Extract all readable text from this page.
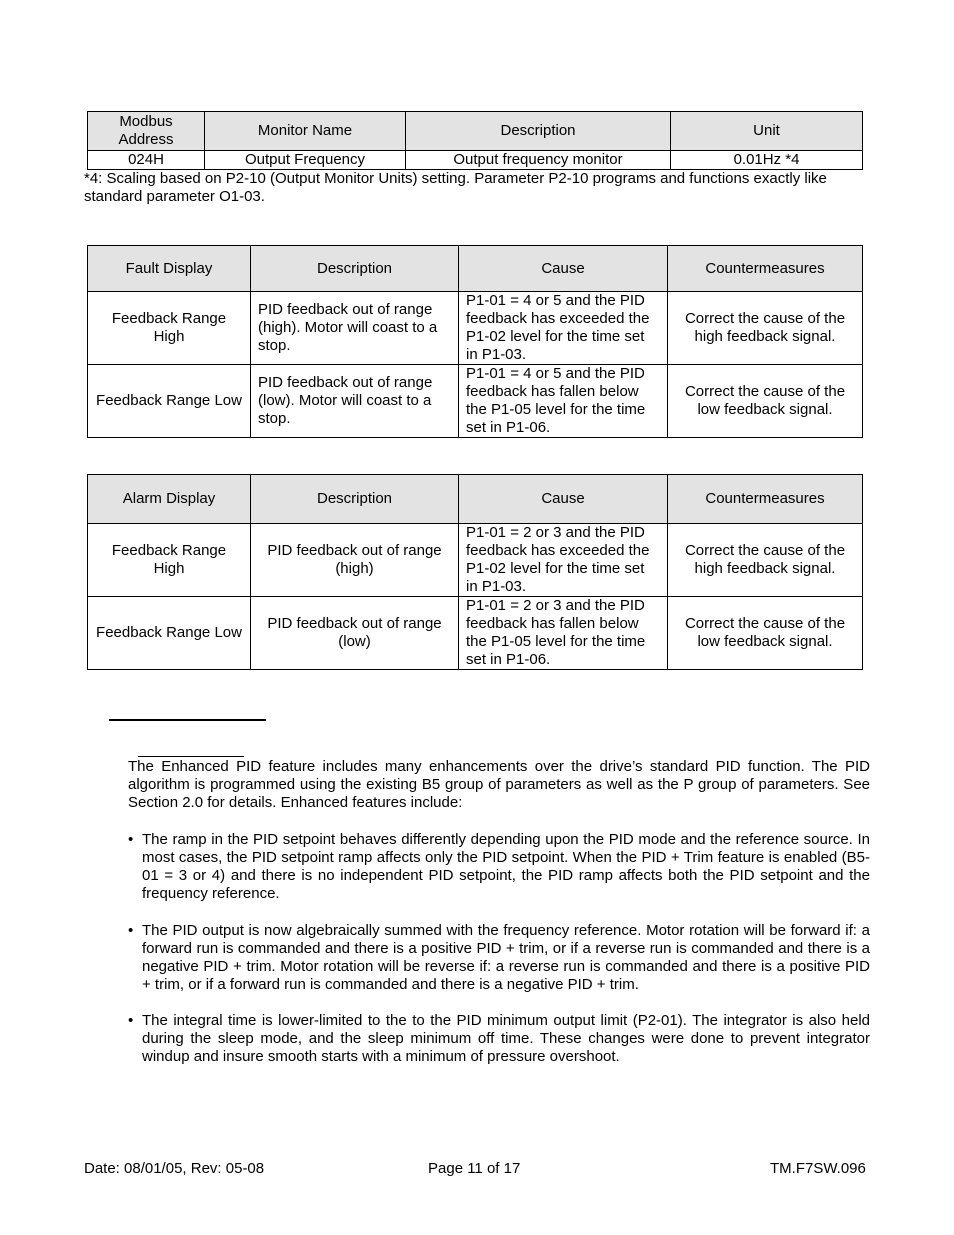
Modbus Address	Monitor Name	Description	Unit
024H	Output Frequency	Output frequency monitor	0.01Hz *4
*4: Scaling based on P2-10 (Output Monitor Units) setting. Parameter P2-10 programs and functions exactly like standard parameter O1-03.
Fault Display	Description	Cause	Countermeasures
Feedback Range High	PID feedback out of range (high). Motor will coast to a stop.	P1-01 = 4 or 5 and the PID feedback has exceeded the P1-02 level for the time set in P1-03.	Correct the cause of the high feedback signal.
Feedback Range Low	PID feedback out of range (low). Motor will coast to a stop.	P1-01 = 4 or 5 and the PID feedback has fallen below the P1-05 level for the time set in P1-06.	Correct the cause of the low feedback signal.
Alarm Display	Description	Cause	Countermeasures
Feedback Range High	PID feedback out of range (high)	P1-01 = 2 or 3 and the PID feedback has exceeded the P1-02 level for the time set in P1-03.	Correct the cause of the high feedback signal.
Feedback Range Low	PID feedback out of range (low)	P1-01 = 2 or 3 and the PID feedback has fallen below the P1-05 level for the time set in P1-06.	Correct the cause of the low feedback signal.
The Enhanced PID feature includes many enhancements over the drive’s standard PID function. The PID algorithm is programmed using the existing B5 group of parameters as well as the P group of parameters. See Section 2.0 for details. Enhanced features include:
• The ramp in the PID setpoint behaves differently depending upon the PID mode and the reference source. In most cases, the PID setpoint ramp affects only the PID setpoint. When the PID + Trim feature is enabled (B5-01 = 3 or 4) and there is no independent PID setpoint, the PID ramp affects both the PID setpoint and the frequency reference.
• The PID output is now algebraically summed with the frequency reference. Motor rotation will be forward if: a forward run is commanded and there is a positive PID + trim, or if a reverse run is commanded and there is a negative PID + trim. Motor rotation will be reverse if: a reverse run is commanded and there is a positive PID + trim, or if a forward run is commanded and there is a negative PID + trim.
• The integral time is lower-limited to the to the PID minimum output limit (P2-01). The integrator is also held during the sleep mode, and the sleep minimum off time. These changes were done to prevent integrator windup and insure smooth starts with a minimum of pressure overshoot.
Date: 08/01/05, Rev: 05-08	Page 11 of 17	TM.F7SW.096
